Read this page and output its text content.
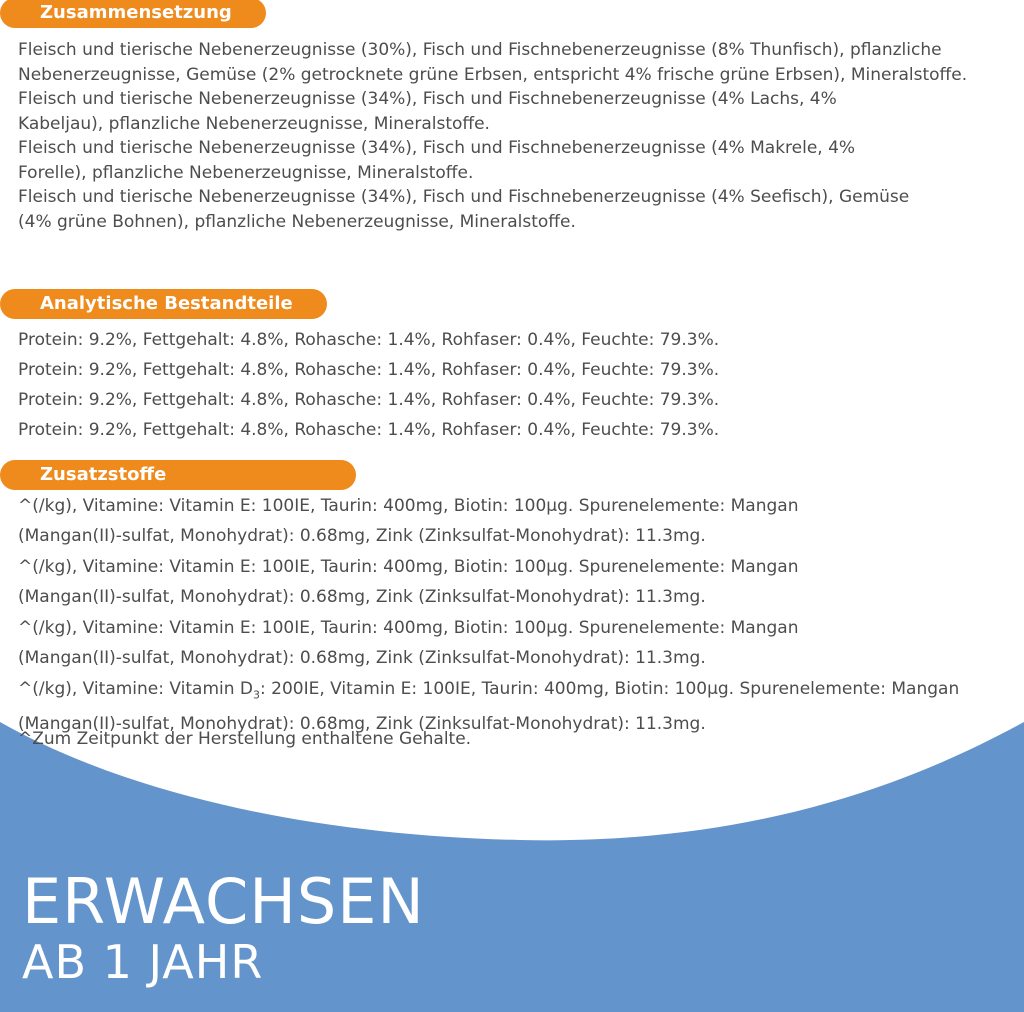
Zusammensetzung

Fleisch und tierische Nebenerzeugnisse (30%), Fisch und Fischnebenerzeugnisse (8% Thunfisch), pflanzliche Nebenerzeugnisse, Gemüse (2% getrocknete grüne Erbsen, entspricht 4% frische grüne Erbsen), Mineralstoffe.

Fleisch und tierische Nebenerzeugnisse (34%), Fisch und Fischnebenerzeugnisse (4% Lachs, 4% Kabeljau), pflanzliche Nebenerzeugnisse, Mineralstoffe.

Fleisch und tierische Nebenerzeugnisse (34%), Fisch und Fischnebenerzeugnisse (4% Makrele, 4% Forelle), pflanzliche Nebenerzeugnisse, Mineralstoffe.

Fleisch und tierische Nebenerzeugnisse (34%), Fisch und Fischnebenerzeugnisse (4% Seefisch), Gemüse (4% grüne Bohnen), pflanzliche Nebenerzeugnisse, Mineralstoffe.

Analytische Bestandteile

Protein: 9.2%, Fettgehalt: 4.8%, Rohasche: 1.4%, Rohfaser: 0.4%, Feuchte: 79.3%.

Protein: 9.2%, Fettgehalt: 4.8%, Rohasche: 1.4%, Rohfaser: 0.4%, Feuchte: 79.3%.

Protein: 9.2%, Fettgehalt: 4.8%, Rohasche: 1.4%, Rohfaser: 0.4%, Feuchte: 79.3%.

Protein: 9.2%, Fettgehalt: 4.8%, Rohasche: 1.4%, Rohfaser: 0.4%, Feuchte: 79.3%.

Zusatzstoffe

^(/kg), Vitamine: Vitamin E: 100IE, Taurin: 400mg, Biotin: 100µg. Spurenelemente: Mangan (Mangan(II)-sulfat, Monohydrat): 0.68mg, Zink (Zinksulfat-Monohydrat): 11.3mg.

^(/kg), Vitamine: Vitamin E: 100IE, Taurin: 400mg, Biotin: 100µg. Spurenelemente: Mangan (Mangan(II)-sulfat, Monohydrat): 0.68mg, Zink (Zinksulfat-Monohydrat): 11.3mg.

^(/kg), Vitamine: Vitamin E: 100IE, Taurin: 400mg, Biotin: 100µg. Spurenelemente: Mangan (Mangan(II)-sulfat, Monohydrat): 0.68mg, Zink (Zinksulfat-Monohydrat): 11.3mg.

^(/kg), Vitamine: Vitamin $D_3$: 200IE, Vitamin E: 100IE, Taurin: 400mg, Biotin: 100µg. Spurenelemente: Mangan (Mangan(II)-sulfat, Monohydrat): 0.68mg, Zink (Zinksulfat-Monohydrat): 11.3mg.

^Zum Zeitpunkt der Herstellung enthaltene Gehalte.

ERWACHSEN
AB 1 JAHR
